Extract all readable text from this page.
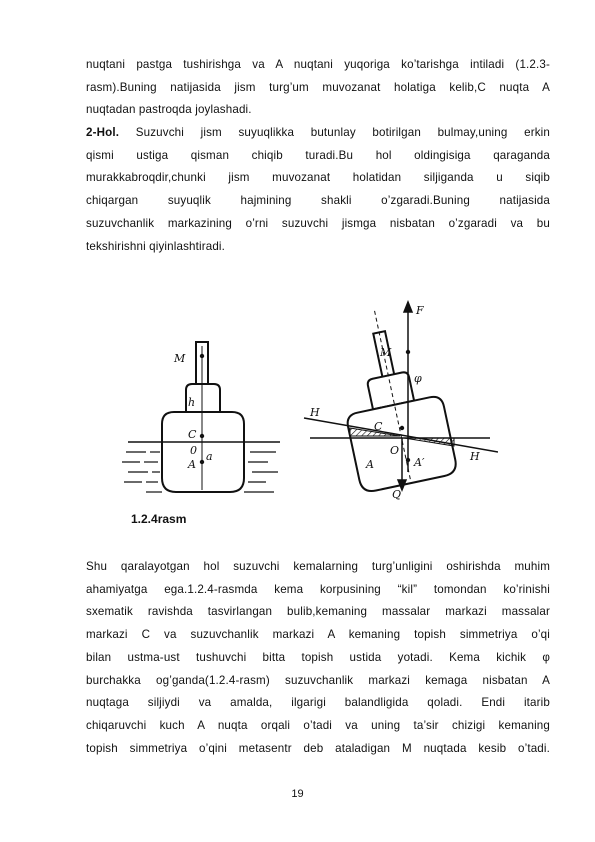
nuqtani pastga tushirishga va A nuqtani yuqoriga ko’tarishga intiladi (1.2.3-
rasm).Buning natijasida jism turg’um muvozanat holatiga kelib,C nuqta A
nuqtadan pastroqda joylashadi.
2-Hol. Suzuvchi jism suyuqlikka butunlay botirilgan bulmay,uning erkin
qismi ustiga qisman chiqib turadi.Bu hol oldingisiga qaraganda
murakkabroqdir,chunki jism muvozanat holatidan siljiganda u siqib
chiqargan suyuqlik hajmining shakli o’zgaradi.Buning natijasida
suzuvchanlik markazining o’rni suzuvchi jismga nisbatan o’zgaradi va bu
tekshirishni qiyinlashtiradi.
M
h
C
0 a
A
F
M
φ
H
C
O
A	A′
Q
H
1.2.4rasm
Shu qaralayotgan hol suzuvchi kemalarning turg’unligini oshirishda muhim
ahamiyatga ega.1.2.4-rasmda kema korpusining “kil” tomondan ko’rinishi
sxematik ravishda tasvirlangan bulib,kemaning massalar markazi massalar
markazi C va suzuvchanlik markazi A kemaning topish simmetriya o’qi
bilan ustma-ust tushuvchi bitta topish ustida yotadi. Kema kichik φ
burchakka og’ganda(1.2.4-rasm) suzuvchanlik markazi kemaga nisbatan A
nuqtaga siljiydi va amalda, ilgarigi balandligida qoladi. Endi itarib
chiqaruvchi kuch A nuqta orqali o’tadi va uning ta’sir chizigi kemaning
topish simmetriya o’qini metasentr deb ataladigan M nuqtada kesib o’tadi.
19
